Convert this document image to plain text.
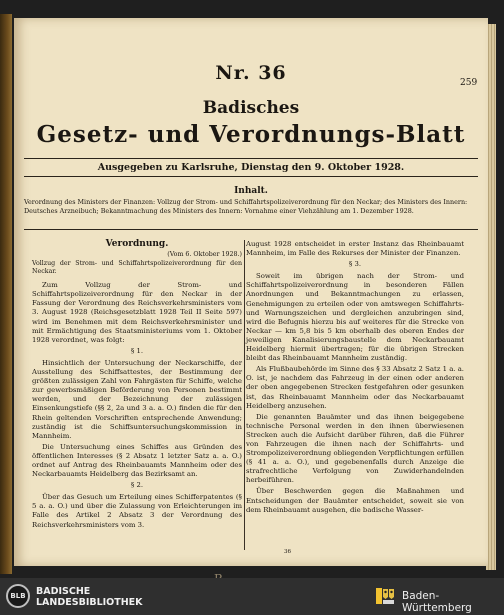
259
Nr. 36
Badisches
Gesetz- und Verordnungs-Blatt
Ausgegeben zu Karlsruhe, Dienstag den 9. Oktober 1928.
Inhalt.
Verordnung des Ministers der Finanzen: Vollzug der Strom- und Schiffahrtspolizeiverordnung für den Neckar; des Ministers des Innern: Deutsches Arzneibuch; Bekanntmachung des Ministers des Innern: Vornahme einer Viehzählung am 1. Dezember 1928.

Verordnung.

(Vom 6. Oktober 1928.)

Vollzug der Strom- und Schiffahrtspolizeiverordnung für den Neckar.

Zum Vollzug der Strom- und Schiffahrtspolizeiverordnung für den Neckar in der Fassung der Verordnung des Reichsverkehrsministers vom 3. August 1928 (Reichsgesetzblatt 1928 Teil II Seite 597) wird im Benehmen mit dem Reichsverkehrsminister und mit Ermächtigung des Staatsministeriums vom 1. Oktober 1928 verordnet, was folgt:

§ 1.

Hinsichtlich der Untersuchung der Neckarschiffe, der Ausstellung des Schiffsattestes, der Bestimmung der größten zulässigen Zahl von Fahrgästen für Schiffe, welche zur gewerbsmäßigen Beförderung von Personen bestimmt werden, und der Bezeichnung der zulässigen Einsenkungstiefe (§§ 2, 2a und 3 a. a. O.) finden die für den Rhein geltenden Vorschriften entsprechende Anwendung; zuständig ist die Schiffsuntersuchungskommission in Mannheim.

Die Untersuchung eines Schiffes aus Gründen des öffentlichen Interesses (§ 2 Absatz 1 letzter Satz a. a. O.) ordnet auf Antrag des Rheinbauamts Mannheim oder des Neckarbauamts Heidelberg das Bezirksamt an.

§ 2.

Über das Gesuch um Erteilung eines Schifferpatentes (§ 5 a. a. O.) und über die Zulassung von Erleichterungen im Falle des Artikel 2 Absatz 3 der Verordnung des Reichsverkehrsministers vom 3.

August 1928 entscheidet in erster Instanz das Rheinbauamt Mannheim, im Falle des Rekurses der Minister der Finanzen.

§ 3.

Soweit im übrigen nach der Strom- und Schiffahrtspolizeiverordnung in besonderen Fällen Anordnungen und Bekanntmachungen zu erlassen, Genehmigungen zu erteilen oder von amtswegen Schiffahrts- und Warnungszeichen und dergleichen anzubringen sind, wird die Befugnis hierzu bis auf weiteres für die Strecke von Neckar — km 5,8 bis 5 km oberhalb des oberen Endes der jeweiligen Kanalisierungsbaustelle dem Neckarbauamt Heidelberg hiermit übertragen; für die übrigen Strecken bleibt das Rheinbauamt Mannheim zuständig.

Als Flußbaubehörde im Sinne des § 33 Absatz 2 Satz 1 a. a. O. ist, je nachdem das Fahrzeug in der einen oder anderen der oben angegebenen Strecken festgefahren oder gesunken ist, das Rheinbauamt Mannheim oder das Neckarbauamt Heidelberg anzusehen.

Die genannten Bauämter und das ihnen beigegebene technische Personal werden in den ihnen überwiesenen Strecken auch die Aufsicht darüber führen, daß die Führer von Fahrzeugen die ihnen nach der Schiffahrts- und Strompolizeiverordnung obliegenden Verpflichtungen erfüllen (§ 41 a. a. O.), und gegebenenfalls durch Anzeige die strafrechtliche Verfolgung von Zuwiderhandelnden herbeiführen.

Über Beschwerden gegen die Maßnahmen und Entscheidungen der Bauämter entscheidet, soweit sie von dem Rheinbauamt ausgehen, die badische Wasser-

36
BLB	BADISCHE
LANDESBIBLIOTHEK
Baden-Württemberg
